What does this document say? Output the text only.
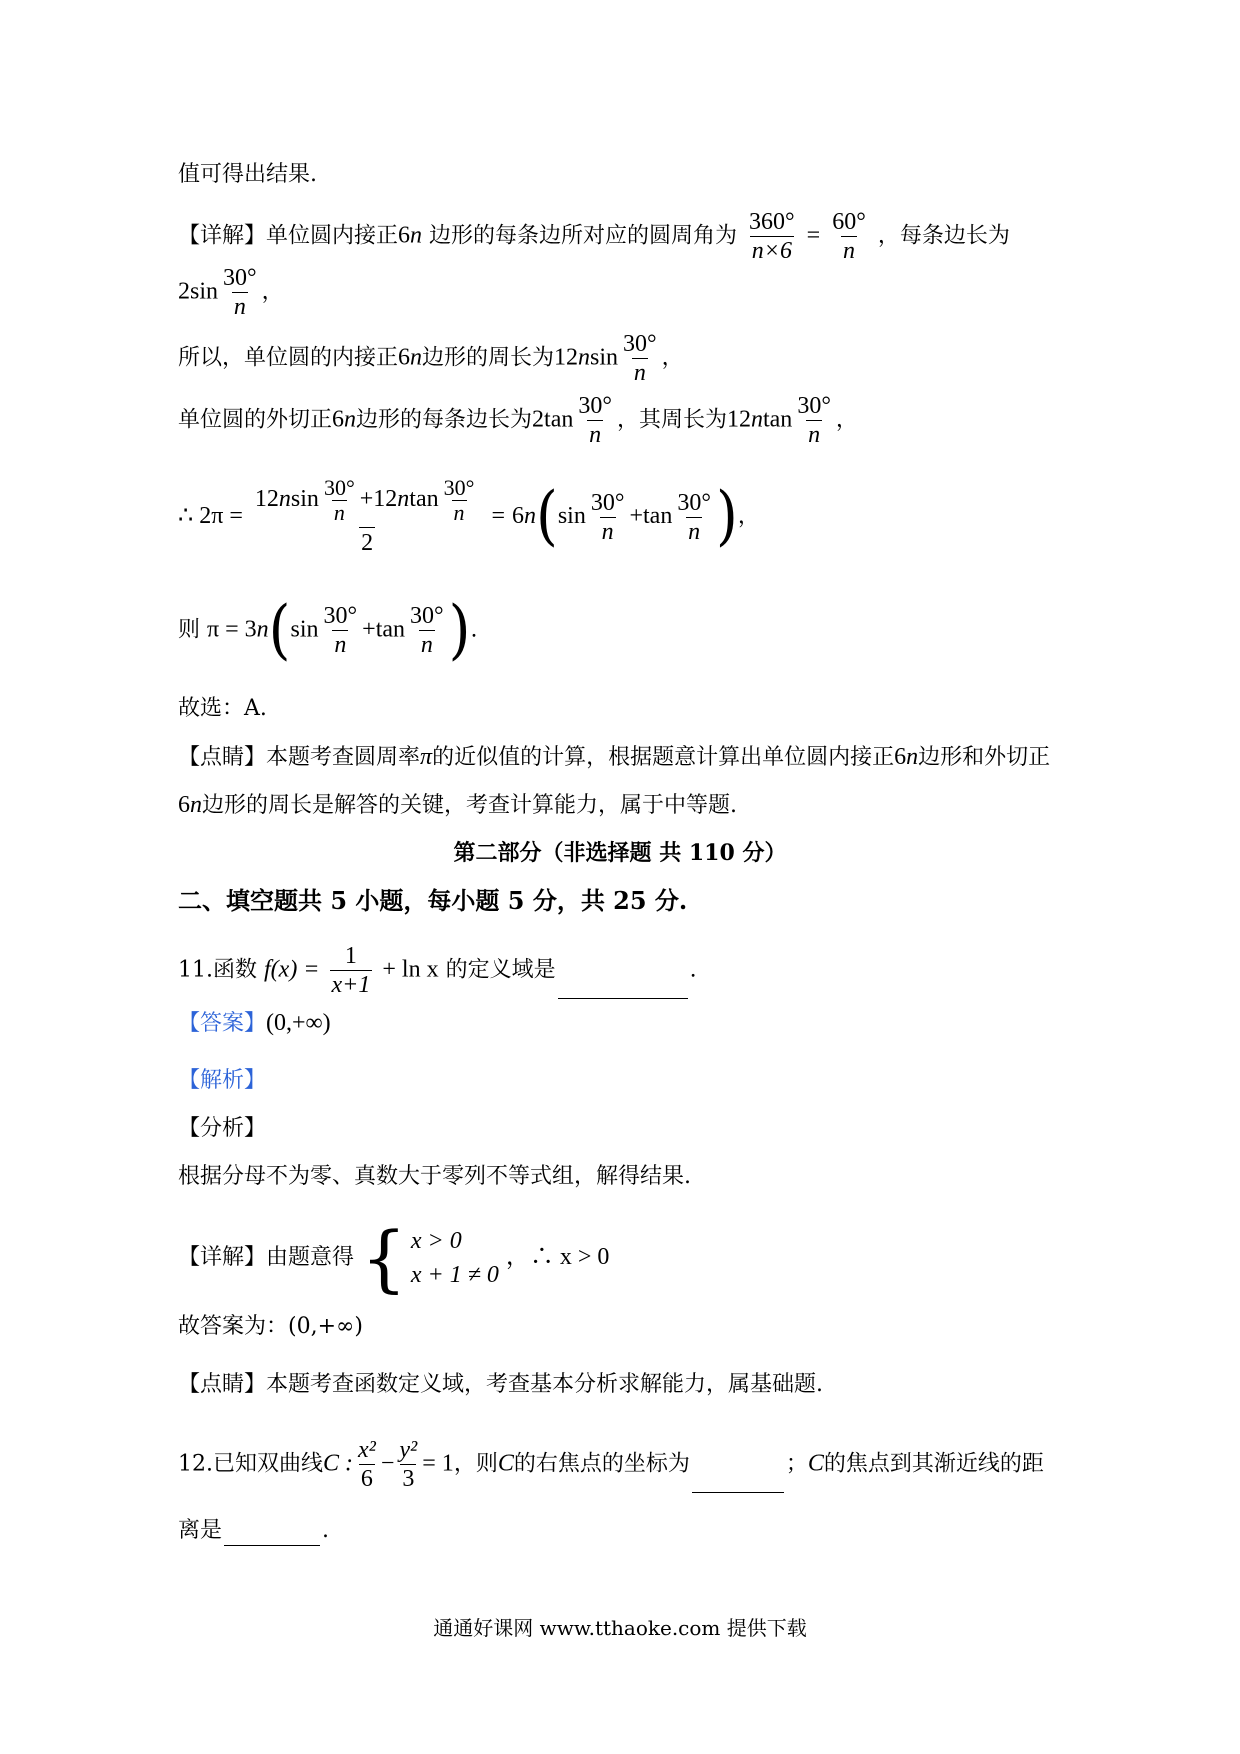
值可得出结果.
【详解】单位圆内接正6n 边形的每条边所对应的圆周角为 $\frac{360^\circ}{n\times 6} = \frac{60^\circ}{n}$ ，每条边长为
$2\sin \frac{30^\circ}{n}$ ，
所以，单位圆的内接正6n边形的周长为$12nsin \frac{30^\circ}{n}$ ，
单位圆的外切正6n边形的每条边长为$2\tan \frac{30^\circ}{n}$ ，其周长为$12ntan \frac{30^\circ}{n}$ ，
∴ $2\pi = \frac{12nsin \frac{30^\circ}{n} +12ntan \frac{30^\circ}{n}}{2} = 6n(\sin \frac{30^\circ}{n} +\tan \frac{30^\circ}{n}$ )，
则 $\pi = 3n(\sin \frac{30^\circ}{n} +\tan \frac{30^\circ}{n}$ ).
故选：A.
【点睛】本题考查圆周率π的近似值的计算，根据题意计算出单位圆内接正6n边形和外切正
6n边形的周长是解答的关键，考查计算能力，属于中等题.
第二部分（非选择题 共 110 分）
二、填空题共 5 小题，每小题 5 分，共 25 分.
11.函数 $f(x) = \frac{1}{x+1} + \ln x$ 的定义域是	.
【答案】(0,+∞)
【解析】
【分析】
根据分母不为零、真数大于零列不等式组，解得结果.
【详解】由题意得 { x > 0
x + 1 ≠ 0
，∴ x > 0
故答案为：(0,+∞)
【点睛】本题考查函数定义域，考查基本分析求解能力，属基础题.
12.已知双曲线C : $\frac{\text{x²}}{6} - \frac{\text{y²}}{3} = 1$，则C的右焦点的坐标为	；C的焦点到其渐近线的距
离是	.
通通好课网 www.tthaoke.com 提供下载
